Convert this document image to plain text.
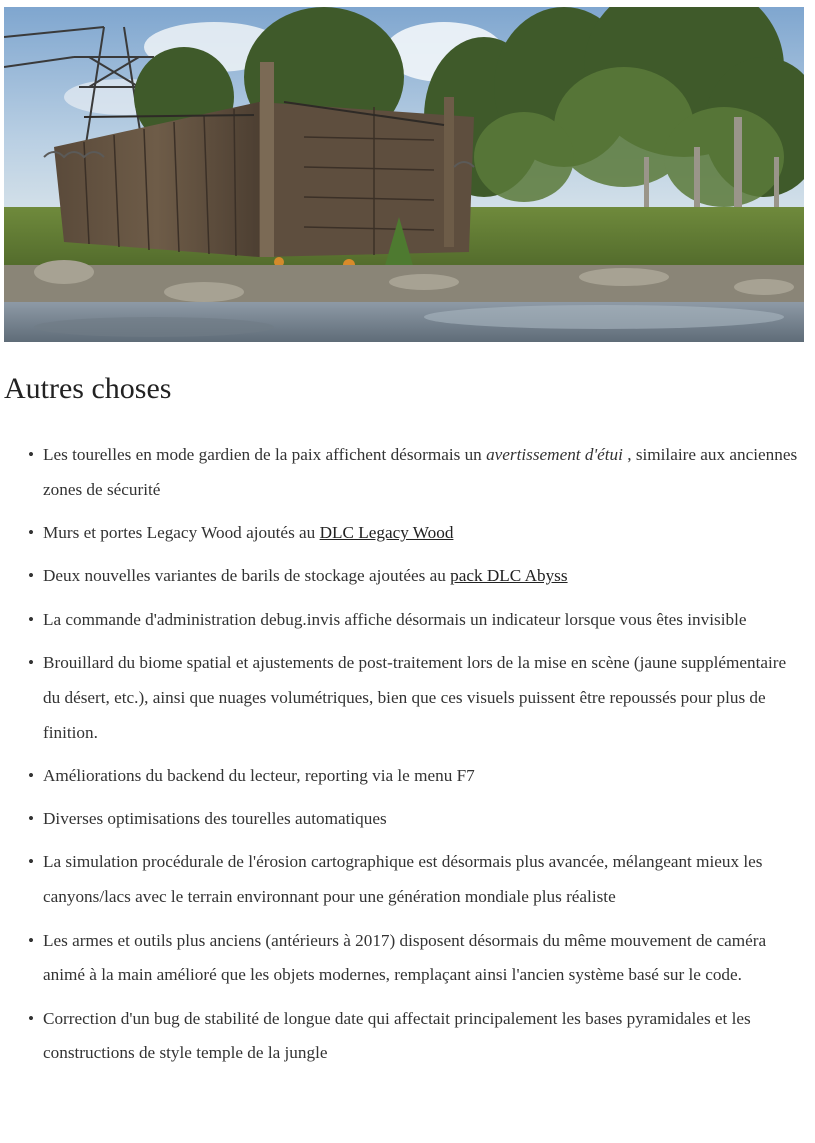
Autres choses
• Les tourelles en mode gardien de la paix affichent désormais un avertissement d'étui , similaire aux anciennes zones de sécurité
• Murs et portes Legacy Wood ajoutés au DLC Legacy Wood
• Deux nouvelles variantes de barils de stockage ajoutées au pack DLC Abyss
• La commande d'administration debug.invis affiche désormais un indicateur lorsque vous êtes invisible
• Brouillard du biome spatial et ajustements de post-traitement lors de la mise en scène (jaune supplémentaire du désert, etc.), ainsi que nuages volumétriques, bien que ces visuels puissent être repoussés pour plus de finition.
• Améliorations du backend du lecteur, reporting via le menu F7
• Diverses optimisations des tourelles automatiques
• La simulation procédurale de l'érosion cartographique est désormais plus avancée, mélangeant mieux les canyons/lacs avec le terrain environnant pour une génération mondiale plus réaliste
• Les armes et outils plus anciens (antérieurs à 2017) disposent désormais du même mouvement de caméra animé à la main amélioré que les objets modernes, remplaçant ainsi l'ancien système basé sur le code.
• Correction d'un bug de stabilité de longue date qui affectait principalement les bases pyramidales et les constructions de style temple de la jungle
